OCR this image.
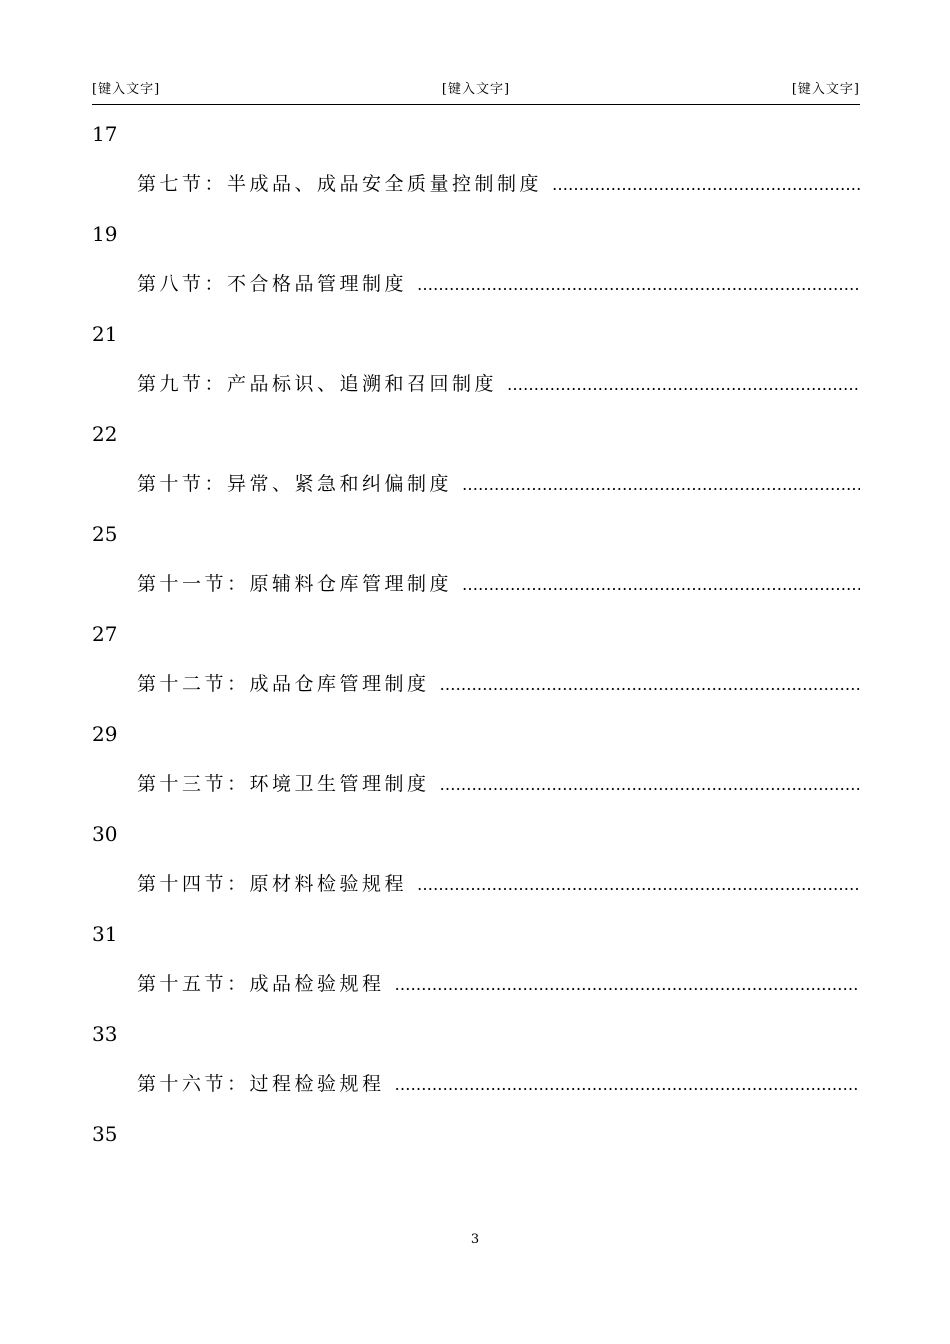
[键入文字]	[键入文字]	[键入文字]
17
第七节：半成品、成品安全质量控制制度
……………………………………………………………………………………………………
19
第八节：不合格品管理制度
……………………………………………………………………………………………………
21
第九节：产品标识、追溯和召回制度
……………………………………………………………………………………………………
22
第十节：异常、紧急和纠偏制度
……………………………………………………………………………………………………
25
第十一节：原辅料仓库管理制度
……………………………………………………………………………………………………
27
第十二节：成品仓库管理制度
……………………………………………………………………………………………………
29
第十三节：环境卫生管理制度
……………………………………………………………………………………………………
30
第十四节：原材料检验规程
……………………………………………………………………………………………………
31
第十五节：成品检验规程
……………………………………………………………………………………………………
33
第十六节：过程检验规程
……………………………………………………………………………………………………
35
3
